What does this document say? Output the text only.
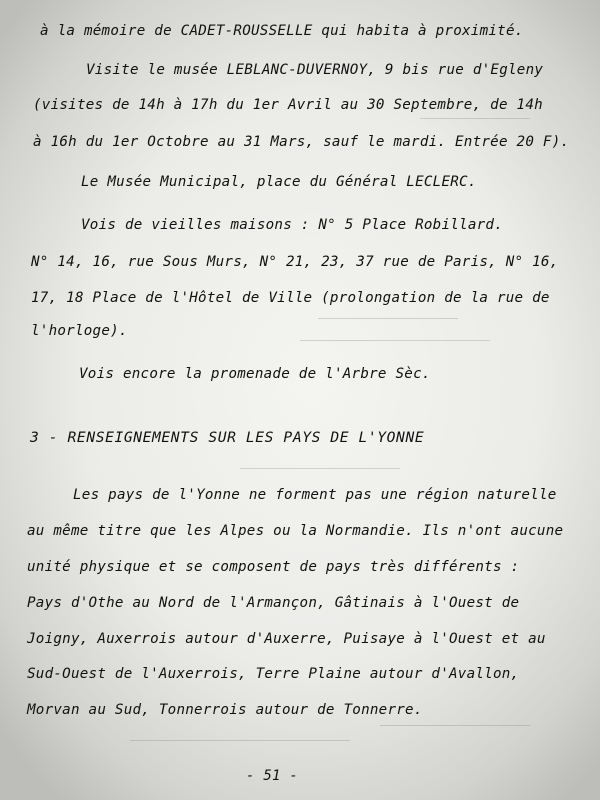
à la mémoire de CADET-ROUSSELLE qui habita à proximité.
Visite le musée LEBLANC-DUVERNOY, 9 bis rue d'Egleny
(visites de 14h à 17h du 1er Avril au 30 Septembre, de 14h
à 16h du 1er Octobre au 31 Mars, sauf le mardi. Entrée 20 F).
Le Musée Municipal, place du Général LECLERC.
Vois de vieilles maisons : N° 5 Place Robillard.
N° 14, 16, rue Sous Murs, N° 21, 23, 37 rue de Paris, N° 16,
17, 18 Place de l'Hôtel de Ville (prolongation de la rue de
l'horloge).
Vois encore la promenade de l'Arbre Sèc.
3 - RENSEIGNEMENTS SUR LES PAYS DE L'YONNE
Les pays de l'Yonne ne forment pas une région naturelle
au même titre que les Alpes ou la Normandie. Ils n'ont aucune
unité physique et se composent de pays très différents :
Pays d'Othe au Nord de l'Armançon, Gâtinais à l'Ouest de
Joigny, Auxerrois autour d'Auxerre, Puisaye à l'Ouest et au
Sud-Ouest de l'Auxerrois, Terre Plaine autour d'Avallon,
Morvan au Sud, Tonnerrois autour de Tonnerre.
- 51 -
